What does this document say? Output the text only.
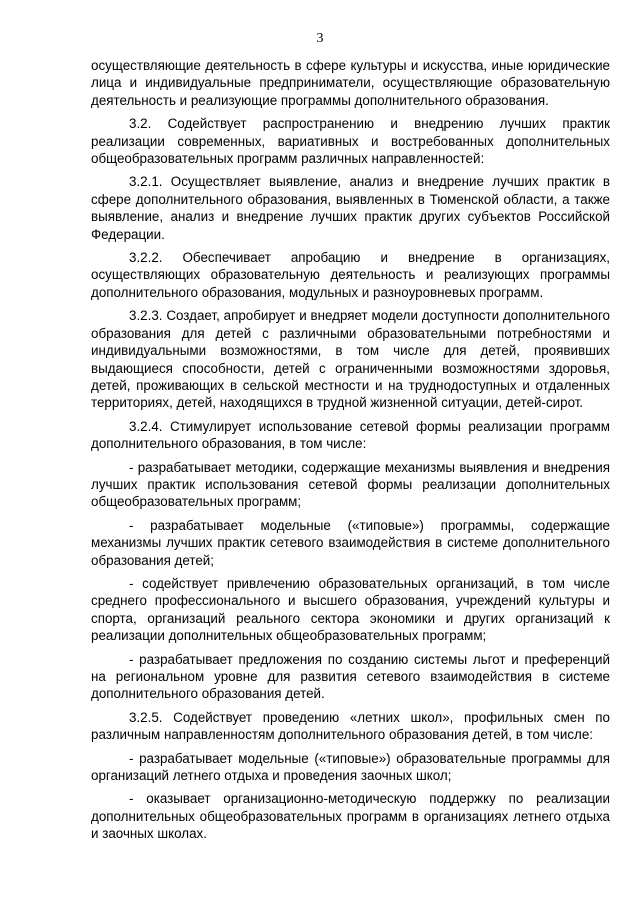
3

осуществляющие деятельность в сфере культуры и искусства, иные юридические лица и индивидуальные предприниматели, осуществляющие образовательную деятельность и реализующие программы дополнительного образования.

3.2. Содействует распространению и внедрению лучших практик реализации современных, вариативных и востребованных дополнительных общеобразовательных программ различных направленностей:

3.2.1. Осуществляет выявление, анализ и внедрение лучших практик в сфере дополнительного образования, выявленных в Тюменской области, а также выявление, анализ и внедрение лучших практик других субъектов Российской Федерации.

3.2.2. Обеспечивает апробацию и внедрение в организациях, осуществляющих образовательную деятельность и реализующих программы дополнительного образования, модульных и разноуровневых программ.

3.2.3. Создает, апробирует и внедряет модели доступности дополнительного образования для детей с различными образовательными потребностями и индивидуальными возможностями, в том числе для детей, проявивших выдающиеся способности, детей с ограниченными возможностями здоровья, детей, проживающих в сельской местности и на труднодоступных и отдаленных территориях, детей, находящихся в трудной жизненной ситуации, детей-сирот.

3.2.4. Стимулирует использование сетевой формы реализации программ дополнительного образования, в том числе:

- разрабатывает методики, содержащие механизмы выявления и внедрения лучших практик использования сетевой формы реализации дополнительных общеобразовательных программ;

- разрабатывает модельные («типовые») программы, содержащие механизмы лучших практик сетевого взаимодействия в системе дополнительного образования детей;

- содействует привлечению образовательных организаций, в том числе среднего профессионального и высшего образования, учреждений культуры и спорта, организаций реального сектора экономики и других организаций к реализации дополнительных общеобразовательных программ;

- разрабатывает предложения по созданию системы льгот и преференций на региональном уровне для развития сетевого взаимодействия в системе дополнительного образования детей.

3.2.5. Содействует проведению «летних школ», профильных смен по различным направленностям дополнительного образования детей, в том числе:

- разрабатывает модельные («типовые») образовательные программы для организаций летнего отдыха и проведения заочных школ;

- оказывает организационно-методическую поддержку по реализации дополнительных общеобразовательных программ в организациях летнего отдыха и заочных школах.
